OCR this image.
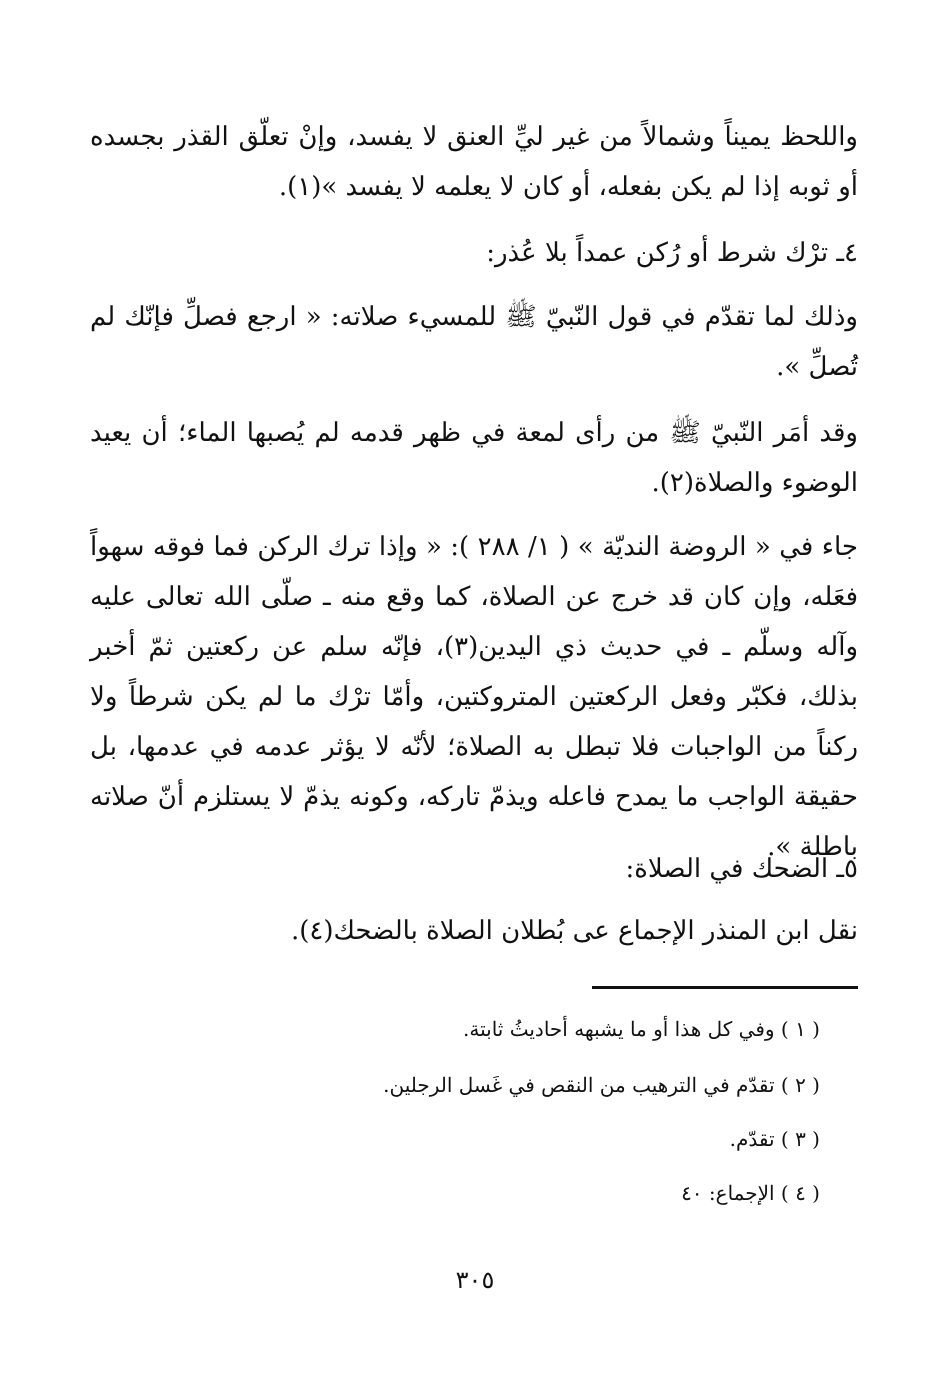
واللحظ يميناً وشمالاً من غير ليِّ العنق لا يفسد، وإنْ تعلّق القذر بجسده أو ثوبه إذا لم يكن بفعله، أو كان لا يعلمه لا يفسد »(١).

٤ـ ترْك شرط أو رُكن عمداً بلا عُذر:

وذلك لما تقدّم في قول النّبيّ ﷺ للمسيء صلاته: « ارجع فصلِّ فإنّك لم تُصلِّ ».

وقد أمَر النّبيّ ﷺ من رأى لمعة في ظهر قدمه لم يُصبها الماء؛ أن يعيد الوضوء والصلاة(٢).

جاء في « الروضة النديّة » ( ١/ ٢٨٨ ): « وإذا ترك الركن فما فوقه سهواً فعَله، وإن كان قد خرج عن الصلاة، كما وقع منه ـ صلّى الله تعالى عليه وآله وسلّم ـ في حديث ذي اليدين(٣)، فإنّه سلم عن ركعتين ثمّ أخبر بذلك، فكبّر وفعل الركعتين المتروكتين، وأمّا ترْك ما لم يكن شرطاً ولا ركناً من الواجبات فلا تبطل به الصلاة؛ لأنّه لا يؤثر عدمه في عدمها، بل حقيقة الواجب ما يمدح فاعله ويذمّ تاركه، وكونه يذمّ لا يستلزم أنّ صلاته باطلة ».

٥ـ الضحك في الصلاة:

نقل ابن المنذر الإجماع عى بُطلان الصلاة بالضحك(٤).

( ١ ) وفي كل هذا أو ما يشبهه أحاديثُ ثابتة.

( ٢ ) تقدّم في الترهيب من النقص في غَسل الرجلين.

( ٣ ) تقدّم.

( ٤ ) الإجماع: ٤٠

٣٠٥
